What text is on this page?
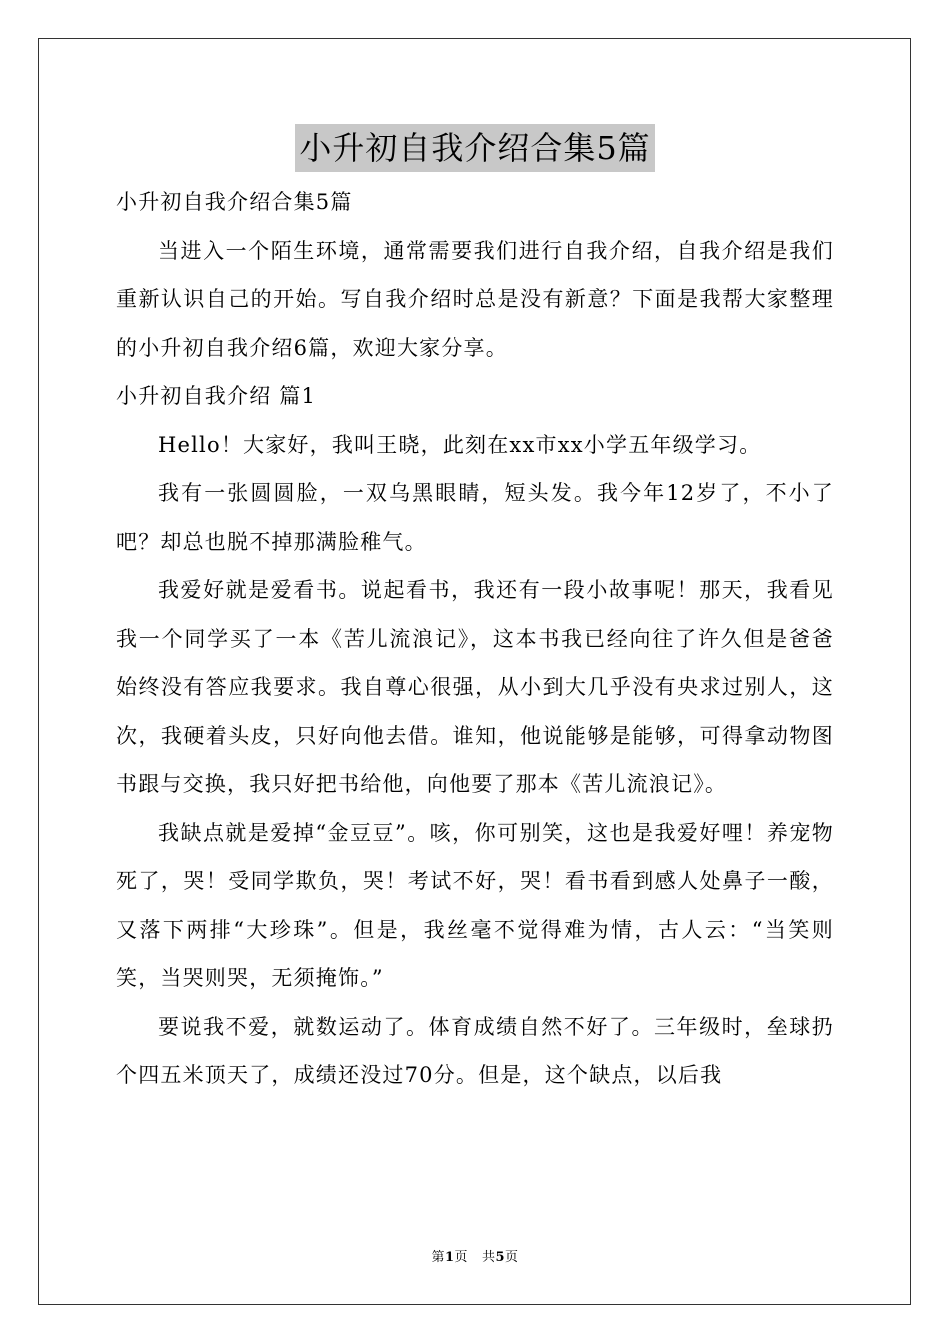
小升初自我介绍合集5篇

小升初自我介绍合集5篇

当进入一个陌生环境，通常需要我们进行自我介绍，自我介绍是我们重新认识自己的开始。写自我介绍时总是没有新意？下面是我帮大家整理的小升初自我介绍6篇，欢迎大家分享。

小升初自我介绍 篇1

Hello！大家好，我叫王晓，此刻在xx市xx小学五年级学习。

我有一张圆圆脸，一双乌黑眼睛，短头发。我今年12岁了，不小了吧？却总也脱不掉那满脸稚气。

我爱好就是爱看书。说起看书，我还有一段小故事呢！那天，我看见我一个同学买了一本《苦儿流浪记》，这本书我已经向往了许久但是爸爸始终没有答应我要求。我自尊心很强，从小到大几乎没有央求过别人，这次，我硬着头皮，只好向他去借。谁知，他说能够是能够，可得拿动物图书跟与交换，我只好把书给他，向他要了那本《苦儿流浪记》。

我缺点就是爱掉“金豆豆”。咳，你可别笑，这也是我爱好哩！养宠物死了，哭！受同学欺负，哭！考试不好，哭！看书看到感人处鼻子一酸，又落下两排“大珍珠”。但是，我丝毫不觉得难为情，古人云：“当笑则笑，当哭则哭，无须掩饰。”

要说我不爱，就数运动了。体育成绩自然不好了。三年级时，垒球扔个四五米顶天了，成绩还没过70分。但是，这个缺点，以后我

第1页 共5页
